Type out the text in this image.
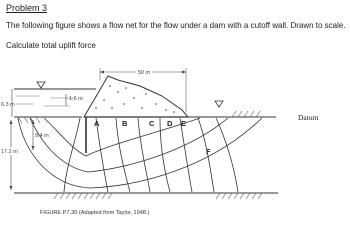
Problem 3
The following figure shows a flow net for the flow under a dam with a cutoff wall. Drawn to scale.
Calculate total uplift force
50 m
6.3 m
1.6 m
9.4 m
17.2 m
A	B	C D E
F
Datum
FIGURE P7.30 (Adapted from Taylor, 1948.)
